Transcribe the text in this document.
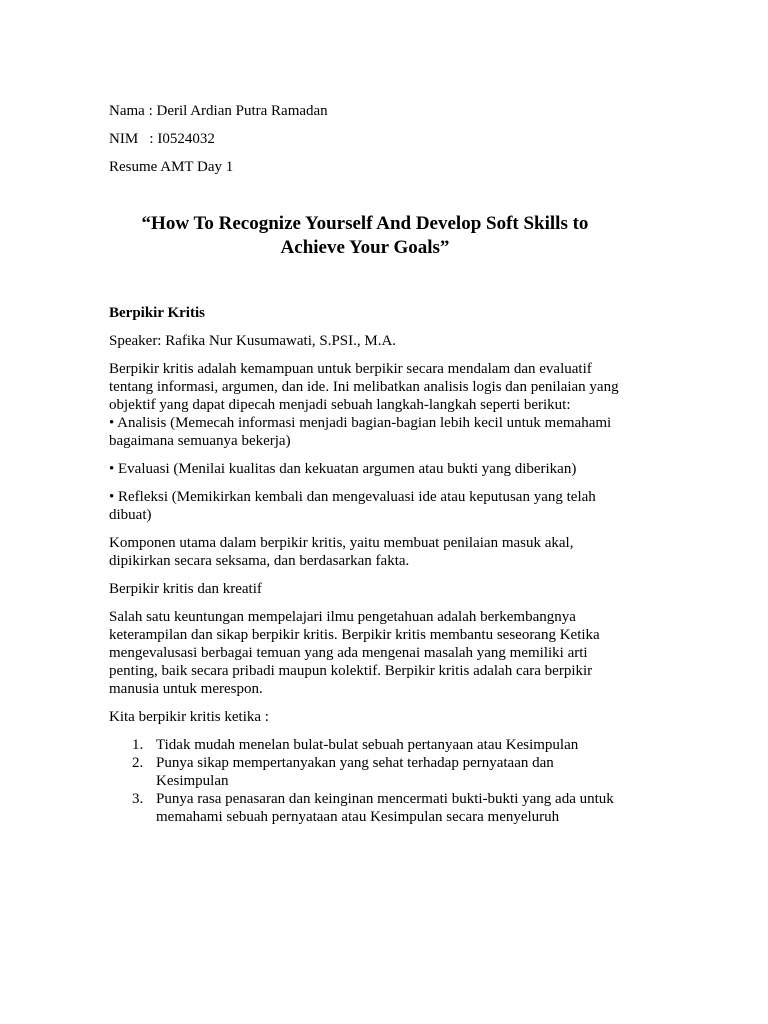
Nama : Deril Ardian Putra Ramadan

NIM   : I0524032

Resume AMT Day 1

“How To Recognize Yourself And Develop Soft Skills to Achieve Your Goals”

Berpikir Kritis

Speaker: Rafika Nur Kusumawati, S.PSI., M.A.

Berpikir kritis adalah kemampuan untuk berpikir secara mendalam dan evaluatif tentang informasi, argumen, dan ide. Ini melibatkan analisis logis dan penilaian yang objektif yang dapat dipecah menjadi sebuah langkah-langkah seperti berikut:

• Analisis (Memecah informasi menjadi bagian-bagian lebih kecil untuk memahami bagaimana semuanya bekerja)

• Evaluasi (Menilai kualitas dan kekuatan argumen atau bukti yang diberikan)

• Refleksi (Memikirkan kembali dan mengevaluasi ide atau keputusan yang telah dibuat)

Komponen utama dalam berpikir kritis, yaitu membuat penilaian masuk akal, dipikirkan secara seksama, dan berdasarkan fakta.

Berpikir kritis dan kreatif

Salah satu keuntungan mempelajari ilmu pengetahuan adalah berkembangnya keterampilan dan sikap berpikir kritis. Berpikir kritis membantu seseorang Ketika mengevalusasi berbagai temuan yang ada mengenai masalah yang memiliki arti penting, baik secara pribadi maupun kolektif. Berpikir kritis adalah cara berpikir manusia untuk merespon.

Kita berpikir kritis ketika :

1. Tidak mudah menelan bulat-bulat sebuah pertanyaan atau Kesimpulan
2. Punya sikap mempertanyakan yang sehat terhadap pernyataan dan Kesimpulan
3. Punya rasa penasaran dan keinginan mencermati bukti-bukti yang ada untuk memahami sebuah pernyataan atau Kesimpulan secara menyeluruh
